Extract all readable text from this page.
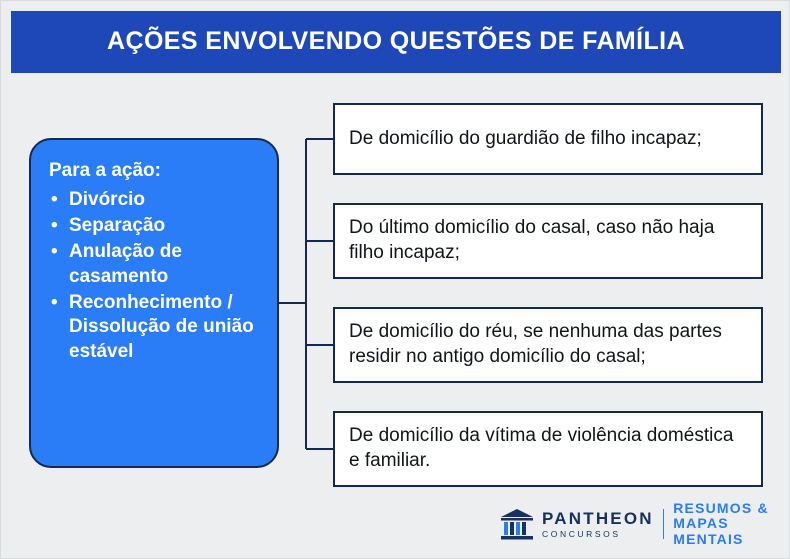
AÇÕES ENVOLVENDO QUESTÕES DE FAMÍLIA
Para a ação:
• Divórcio
• Separação
• Anulação de casamento
• Reconhecimento / Dissolução de união estável
De domicílio do guardião de filho incapaz;
Do último domicílio do casal, caso não haja filho incapaz;
De domicílio do réu, se nenhuma das partes residir no antigo domicílio do casal;
De domicílio da vítima de violência doméstica e familiar.
PANTHEON
CONCURSOS
RESUMOS &
MAPAS MENTAIS
